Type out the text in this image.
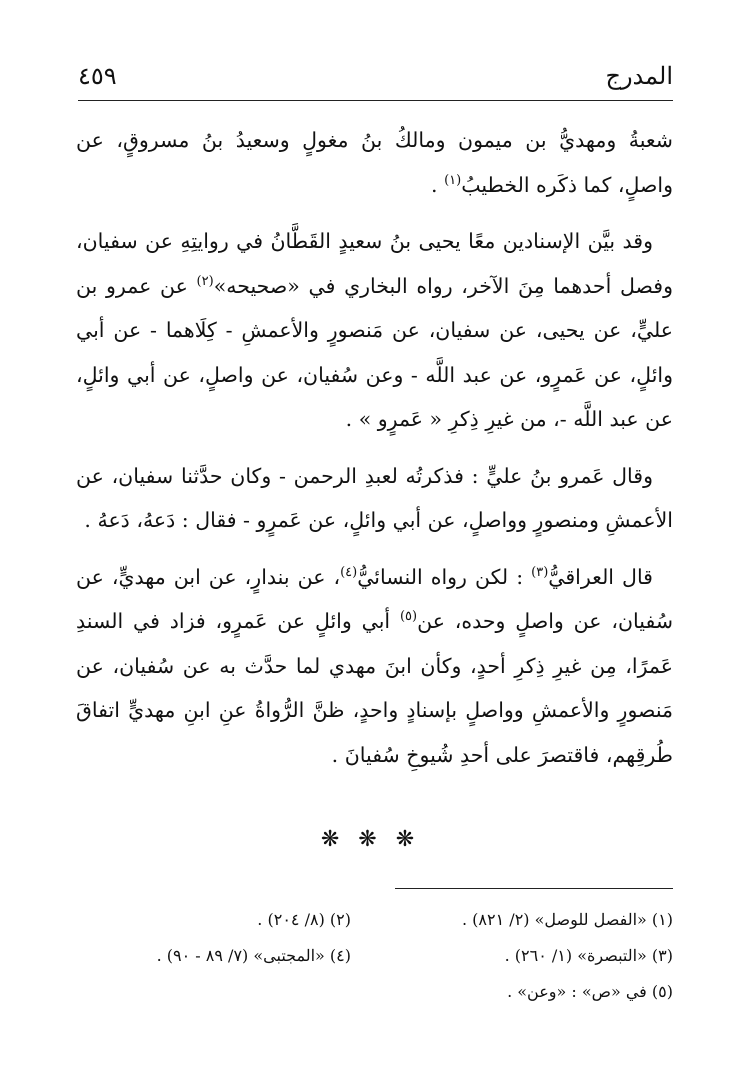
المدرج
٤٥٩

شعبةُ ومهديُّ بن ميمون ومالكُ بنُ مغولٍ وسعيدُ بنُ مسروقٍ، عن واصلٍ، كما ذكَره الخطيبُ$^{(١)}$ .

وقد بيَّن الإسنادين معًا يحيى بنُ سعيدٍ القَطَّانُ في روايتِهِ عن سفيان، وفصل أحدهما مِنَ الآخر، رواه البخاري في «صحيحه»$^{(٢)}$ عن عمرو بن عليٍّ، عن يحيى، عن سفيان، عن مَنصورٍ والأعمشِ - كِلَاهما - عن أبي وائلٍ، عن عَمرٍو، عن عبد اللَّه - وعن سُفيان، عن واصلٍ، عن أبي وائلٍ، عن عبد اللَّه -، من غيرِ ذِكرِ « عَمرٍو » .

وقال عَمرو بنُ عليٍّ : فذكرتُه لعبدِ الرحمن - وكان حدَّثنا سفيان، عن الأعمشِ ومنصورٍ وواصلٍ، عن أبي وائلٍ، عن عَمرٍو - فقال : دَعهُ، دَعهُ .

قال العراقيُّ$^{(٣)}$ : لكن رواه النسائيُّ$^{(٤)}$، عن بندارٍ، عن ابن مهديٍّ، عن سُفيان، عن واصلٍ وحده، عن$^{(٥)}$ أبي وائلٍ عن عَمرٍو، فزاد في السندِ عَمرًا، مِن غيرِ ذِكرِ أحدٍ، وكأن ابنَ مهدي لما حدَّث به عن سُفيان، عن مَنصورٍ والأعمشِ وواصلٍ بإسنادٍ واحدٍ، ظنَّ الرُّواةُ عنِ ابنِ مهديٍّ اتفاقَ طُرقِهم، فاقتصرَ على أحدِ شُيوخِ سُفيانَ .

❋ ❋ ❋
(١) «الفصل للوصل» (٢/ ٨٢١) .
(٢) (٨/ ٢٠٤) .
(٣) «التبصرة» (١/ ٢٦٠) .
(٤) «المجتبى» (٧/ ٨٩ - ٩٠) .
(٥) في «ص» : «وعن» .
